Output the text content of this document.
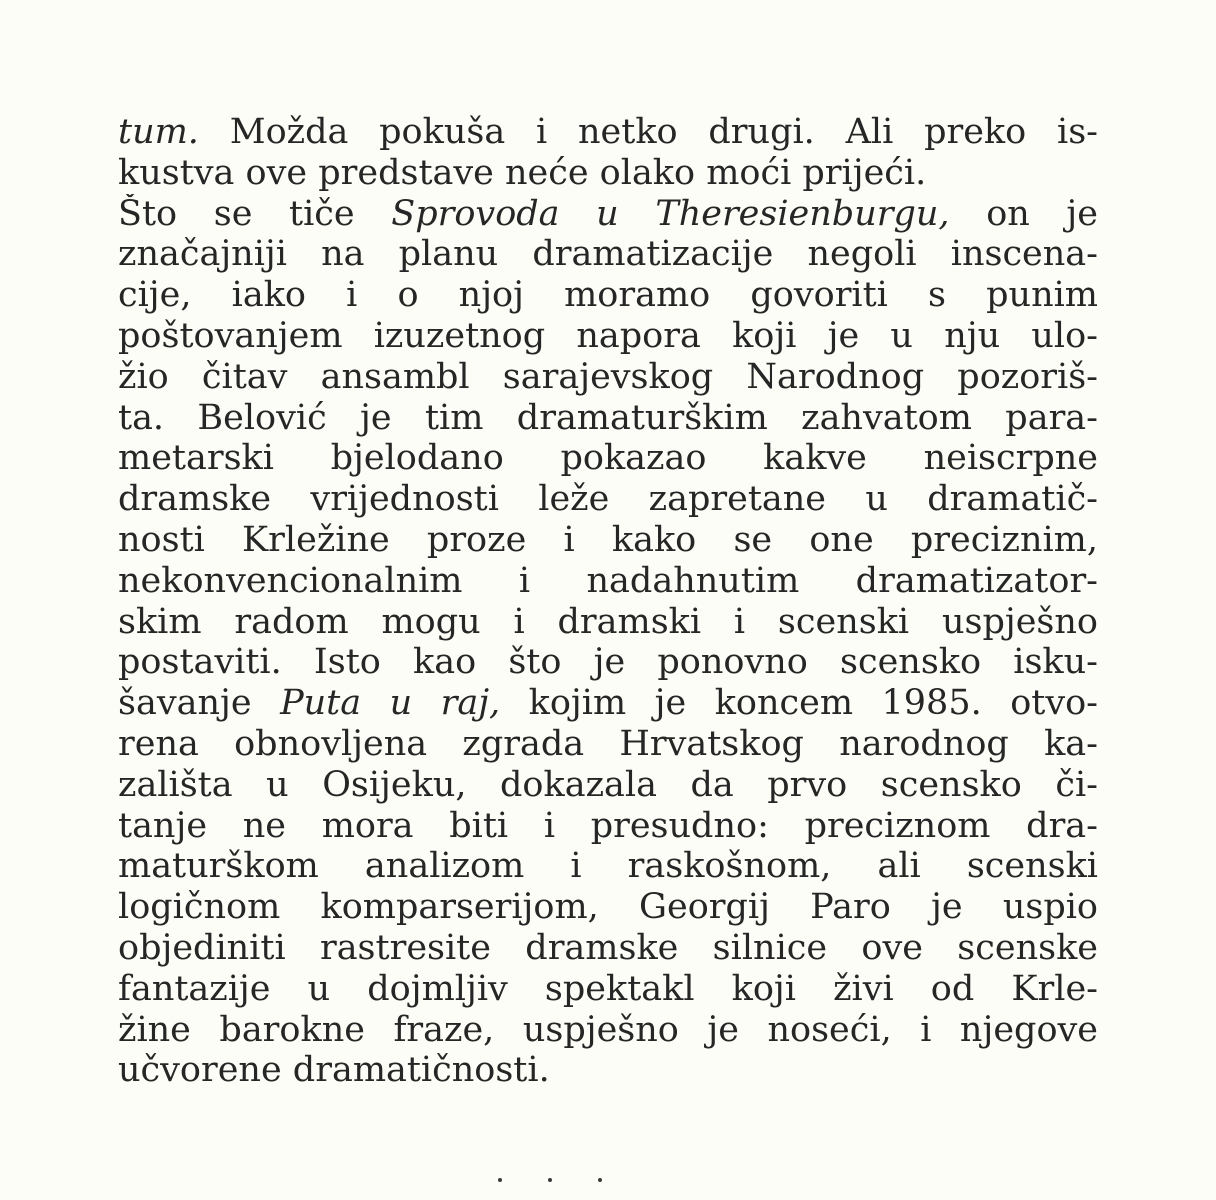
tum. Možda pokuša i netko drugi. Ali preko is-
kustva ove predstave neće olako moći prijeći.
Što se tiče Sprovoda u Theresienburgu, on je
značajniji na planu dramatizacije negoli inscena-
cije, iako i o njoj moramo govoriti s punim
poštovanjem izuzetnog napora koji je u nju ulo-
žio čitav ansambl sarajevskog Narodnog pozoriš-
ta. Belović je tim dramaturškim zahvatom para-
metarski bjelodano pokazao kakve neiscrpne
dramske vrijednosti leže zapretane u dramatič-
nosti Krležine proze i kako se one preciznim,
nekonvencionalnim i nadahnutim dramatizator-
skim radom mogu i dramski i scenski uspješno
postaviti. Isto kao što je ponovno scensko isku-
šavanje Puta u raj, kojim je koncem 1985. otvo-
rena obnovljena zgrada Hrvatskog narodnog ka-
zališta u Osijeku, dokazala da prvo scensko či-
tanje ne mora biti i presudno: preciznom dra-
maturškom analizom i raskošnom, ali scenski
logičnom komparserijom, Georgij Paro je uspio
objediniti rastresite dramske silnice ove scenske
fantazije u dojmljiv spektakl koji živi od Krle-
žine barokne fraze, uspješno je noseći, i njegove
učvorene dramatičnosti.
